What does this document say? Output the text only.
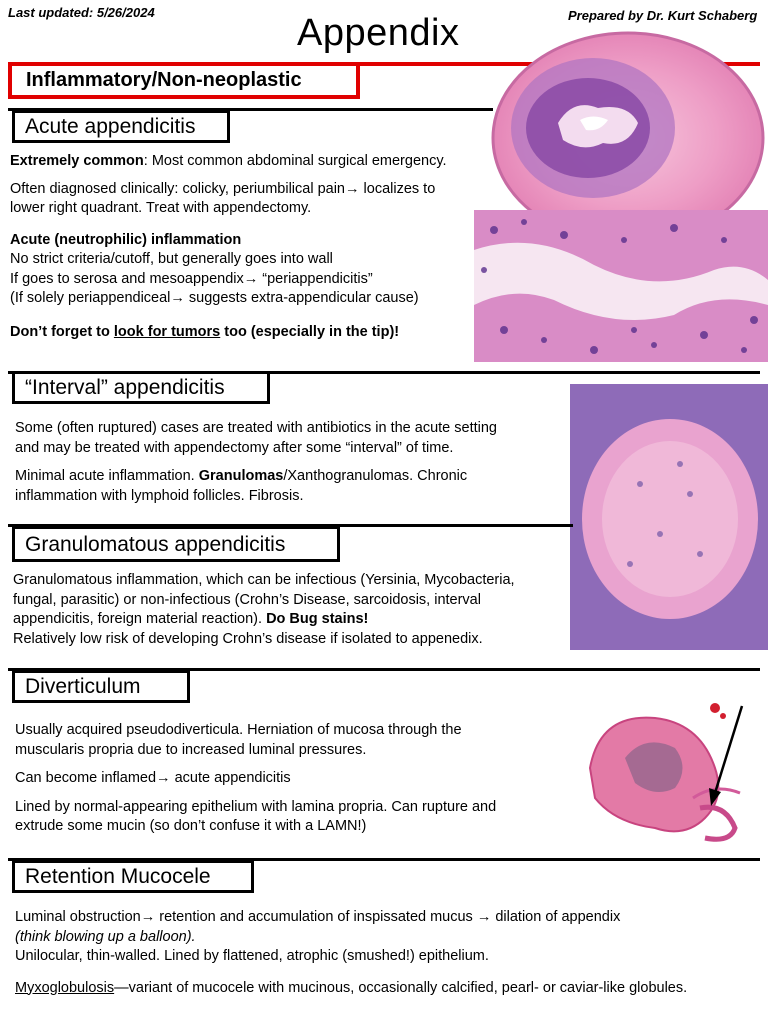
Last updated: 5/26/2024	Appendix	Prepared by Dr. Kurt Schaberg
Inflammatory/Non-neoplastic
Acute appendicitis

Extremely common: Most common abdominal surgical emergency.

Often diagnosed clinically: colicky, periumbilical pain→ localizes to

lower right quadrant. Treat with appendectomy.

Acute (neutrophilic) inflammation

No strict criteria/cutoff, but generally goes into wall

If goes to serosa and mesoappendix→ “periappendicitis”

(If solely periappendiceal→ suggests extra-appendicular cause)

Don’t forget to look for tumors too (especially in the tip)!

“Interval” appendicitis

Some (often ruptured) cases are treated with antibiotics in the acute setting

and may be treated with appendectomy after some “interval” of time.

Minimal acute inflammation. Granulomas/Xanthogranulomas. Chronic

inflammation with lymphoid follicles. Fibrosis.

Granulomatous appendicitis

Granulomatous inflammation, which can be infectious (Yersinia, Mycobacteria,

fungal, parasitic) or non-infectious (Crohn’s Disease, sarcoidosis, interval

appendicitis, foreign material reaction). Do Bug stains!

Relatively low risk of developing Crohn’s disease if isolated to appenedix.

Diverticulum

Usually acquired pseudodiverticula. Herniation of mucosa through the

muscularis propria due to increased luminal pressures.

Can become inflamed→ acute appendicitis

Lined by normal-appearing epithelium with lamina propria. Can rupture and

extrude some mucin (so don’t confuse it with a LAMN!)

Retention Mucocele

Luminal obstruction→ retention and accumulation of inspissated mucus → dilation of appendix

(think blowing up a balloon).

Unilocular, thin-walled. Lined by flattened, atrophic (smushed!) epithelium.

Myxoglobulosis—variant of mucocele with mucinous, occasionally calcified, pearl- or caviar-like globules.
